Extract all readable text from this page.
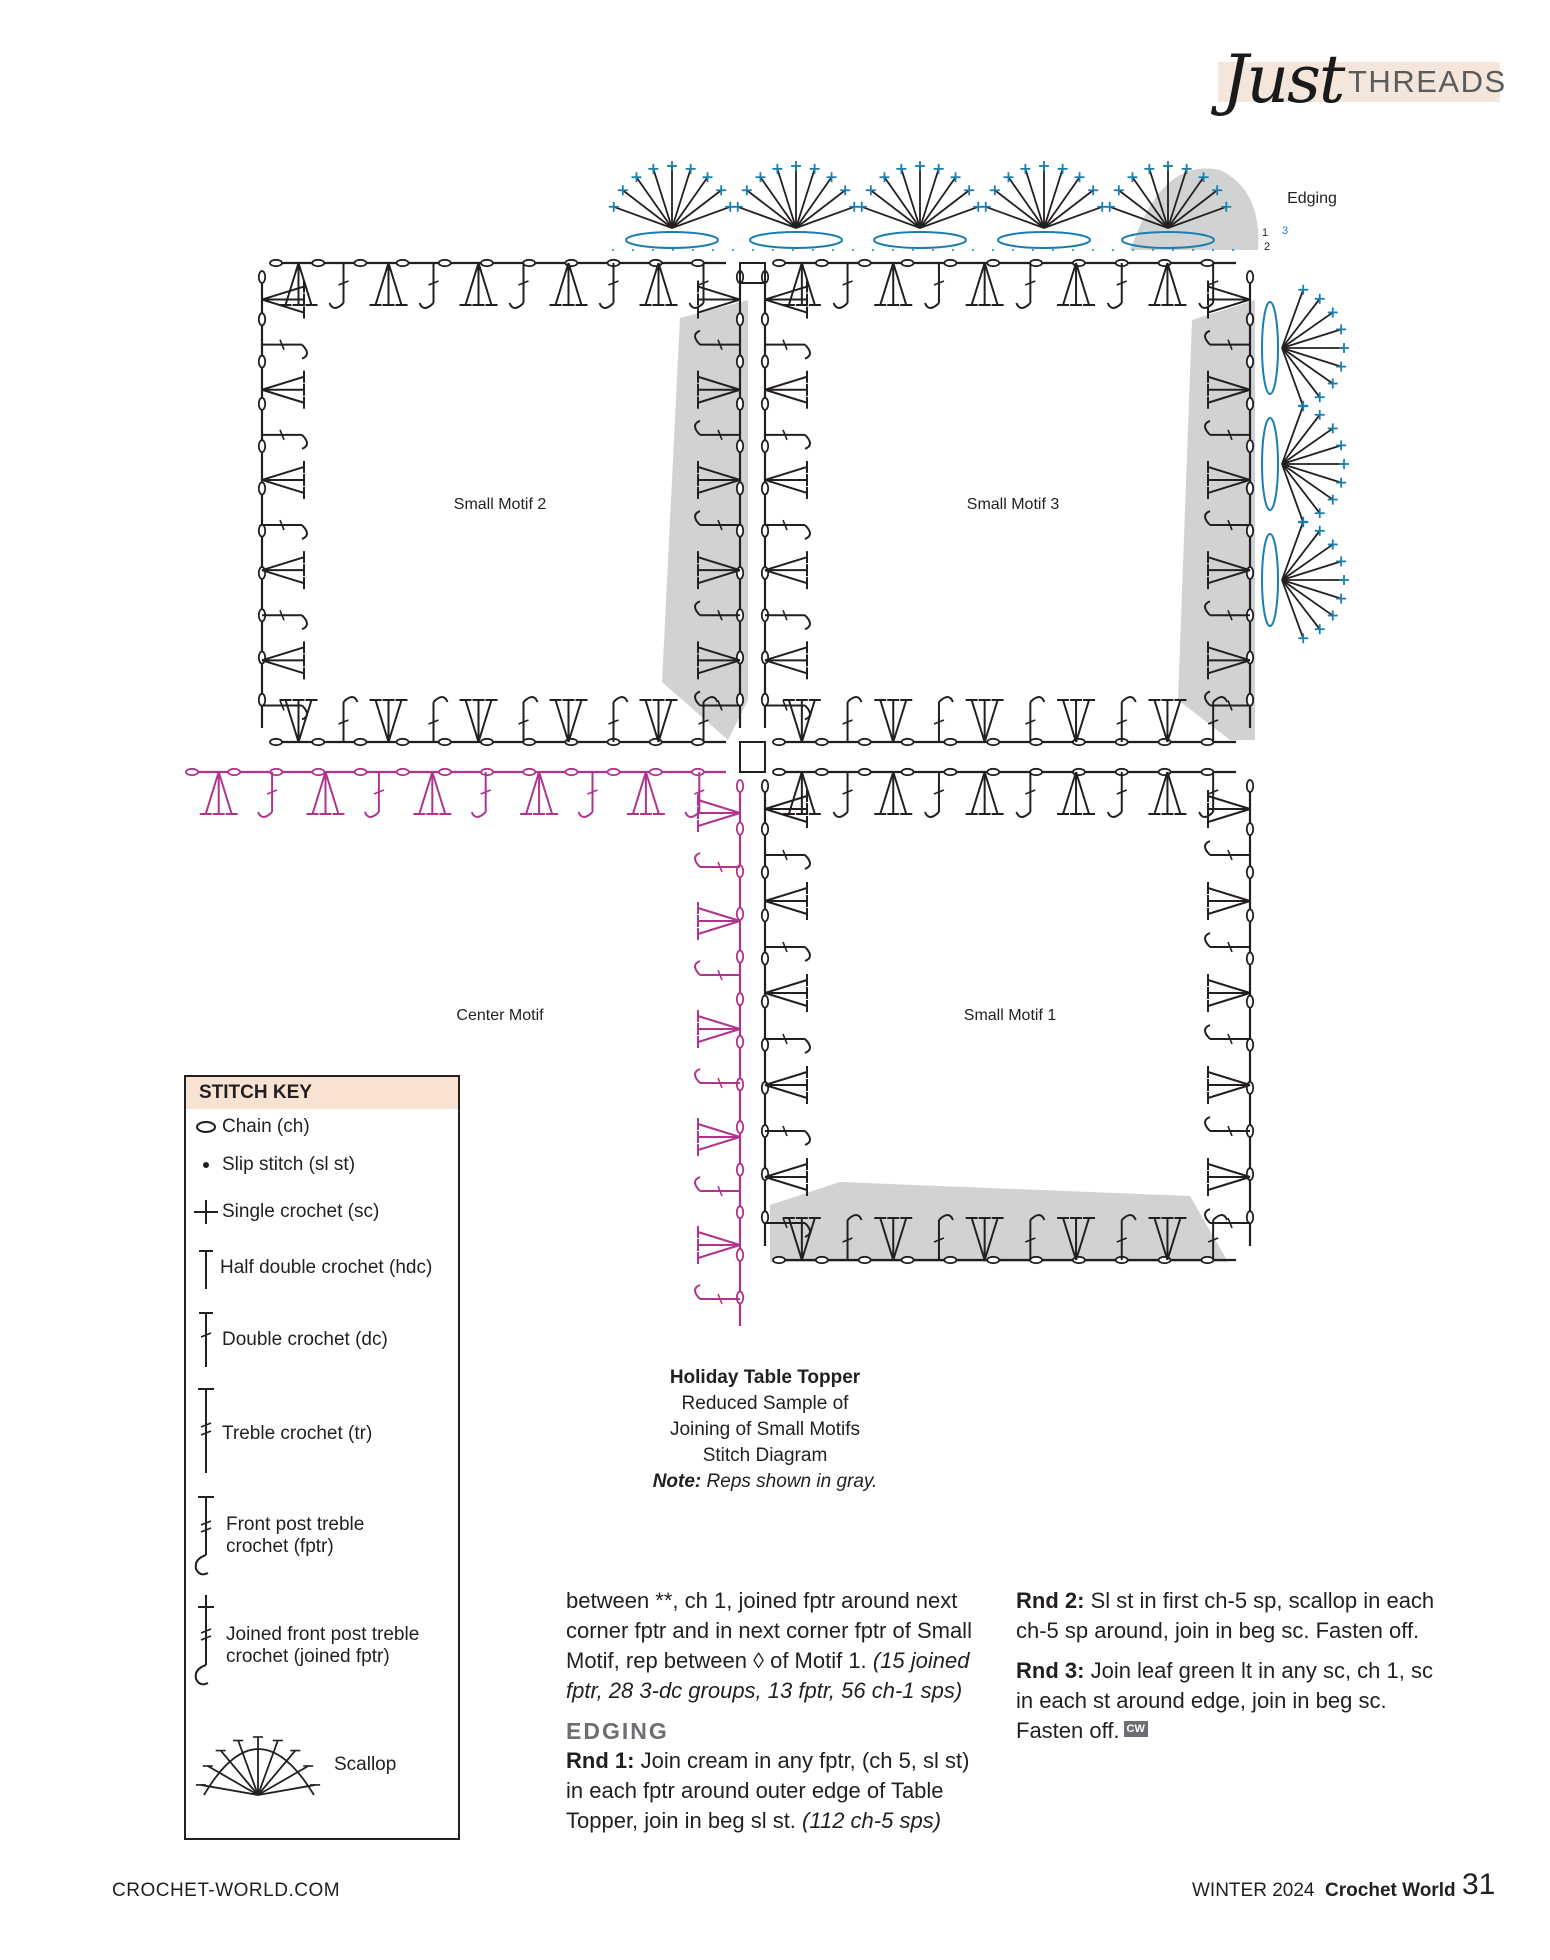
Just THREADS
Small Motif 2	Small Motif 3
Center Motif	Small Motif 1
Edging
1
2
3
STITCH KEY
Chain (ch)
Slip stitch (sl st)
Single crochet (sc)
Half double crochet (hdc)
Double crochet (dc)
Treble crochet (tr)
Front post treble
crochet (fptr)
Joined front post treble
crochet (joined fptr)
Scallop
Holiday Table Topper
Reduced Sample of
Joining of Small Motifs
Stitch Diagram
Note: Reps shown in gray.

between **, ch 1, joined fptr around next corner fptr and in next corner fptr of Small Motif, rep between ◊ of Motif 1. (15 joined fptr, 28 3-dc groups, 13 fptr, 56 ch-1 sps)

EDGING

Rnd 1: Join cream in any fptr, (ch 5, sl st) in each fptr around outer edge of Table Topper, join in beg sl st. (112 ch-5 sps)

Rnd 2: Sl st in first ch-5 sp, scallop in each ch-5 sp around, join in beg sc. Fasten off.

Rnd 3: Join leaf green lt in any sc, ch 1, sc in each st around edge, join in beg sc. Fasten off. CW

CROCHET-WORLD.COM	WINTER 2024 Crochet World 31
